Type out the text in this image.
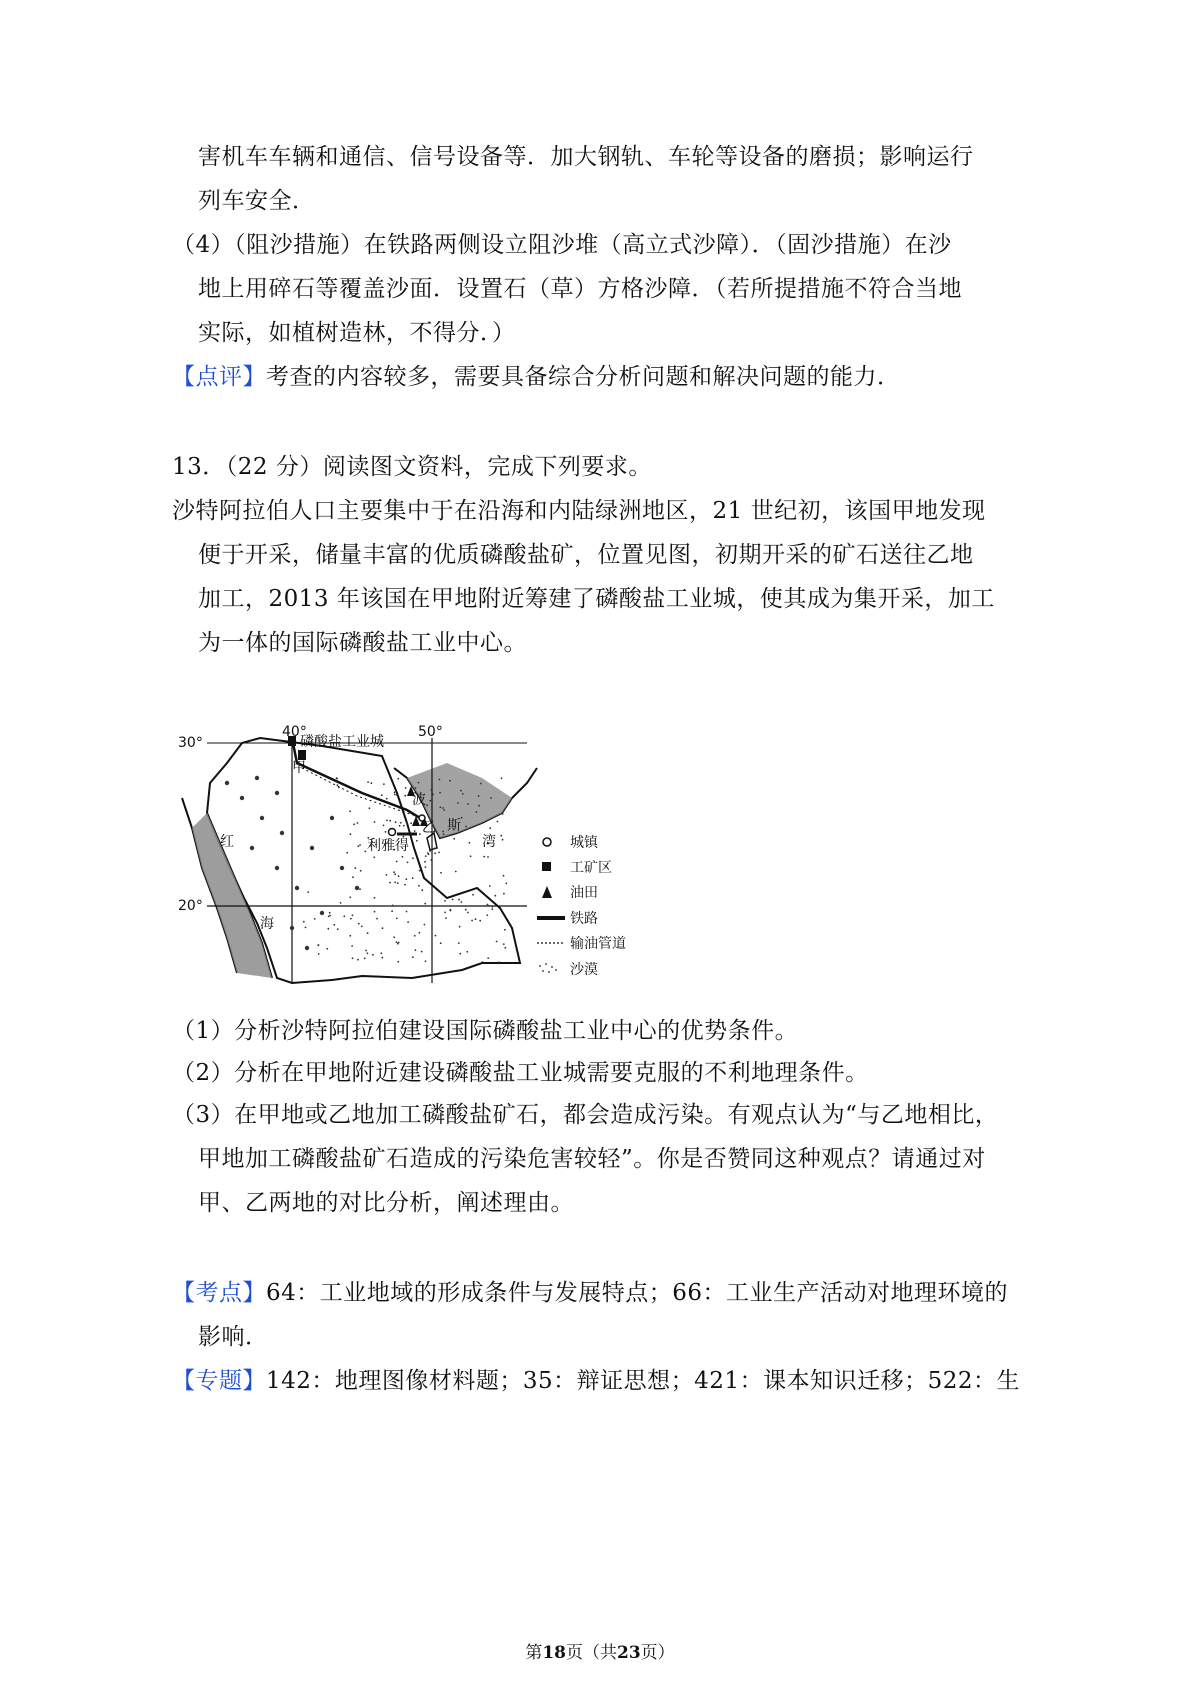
害机车车辆和通信、信号设备等．加大钢轨、车轮等设备的磨损；影响运行
列车安全．
（4）（阻沙措施）在铁路两侧设立阻沙堆（高立式沙障）．（固沙措施）在沙
地上用碎石等覆盖沙面．设置石（草）方格沙障．（若所提措施不符合当地
实际，如植树造林，不得分．）
【点评】考查的内容较多，需要具备综合分析问题和解决问题的能力．
13．（22 分）阅读图文资料，完成下列要求。
沙特阿拉伯人口主要集中于在沿海和内陆绿洲地区，21 世纪初，该国甲地发现
便于开采，储量丰富的优质磷酸盐矿，位置见图，初期开采的矿石送往乙地
加工，2013 年该国在甲地附近筹建了磷酸盐工业城，使其成为集开采，加工
为一体的国际磷酸盐工业中心。
40°	50°
30°
20°
磷酸盐工业城
甲
乙
利雅得
红
海
波
斯
湾	城镇
工矿区
油田
铁路
输油管道
沙漠
（1）分析沙特阿拉伯建设国际磷酸盐工业中心的优势条件。
（2）分析在甲地附近建设磷酸盐工业城需要克服的不利地理条件。
（3）在甲地或乙地加工磷酸盐矿石，都会造成污染。有观点认为“与乙地相比，
甲地加工磷酸盐矿石造成的污染危害较轻”。你是否赞同这种观点？请通过对
甲、乙两地的对比分析，阐述理由。
【考点】64：工业地域的形成条件与发展特点；66：工业生产活动对地理环境的
影响．
【专题】142：地理图像材料题；35：辩证思想；421：课本知识迁移；522：生
第18页（共23页）
